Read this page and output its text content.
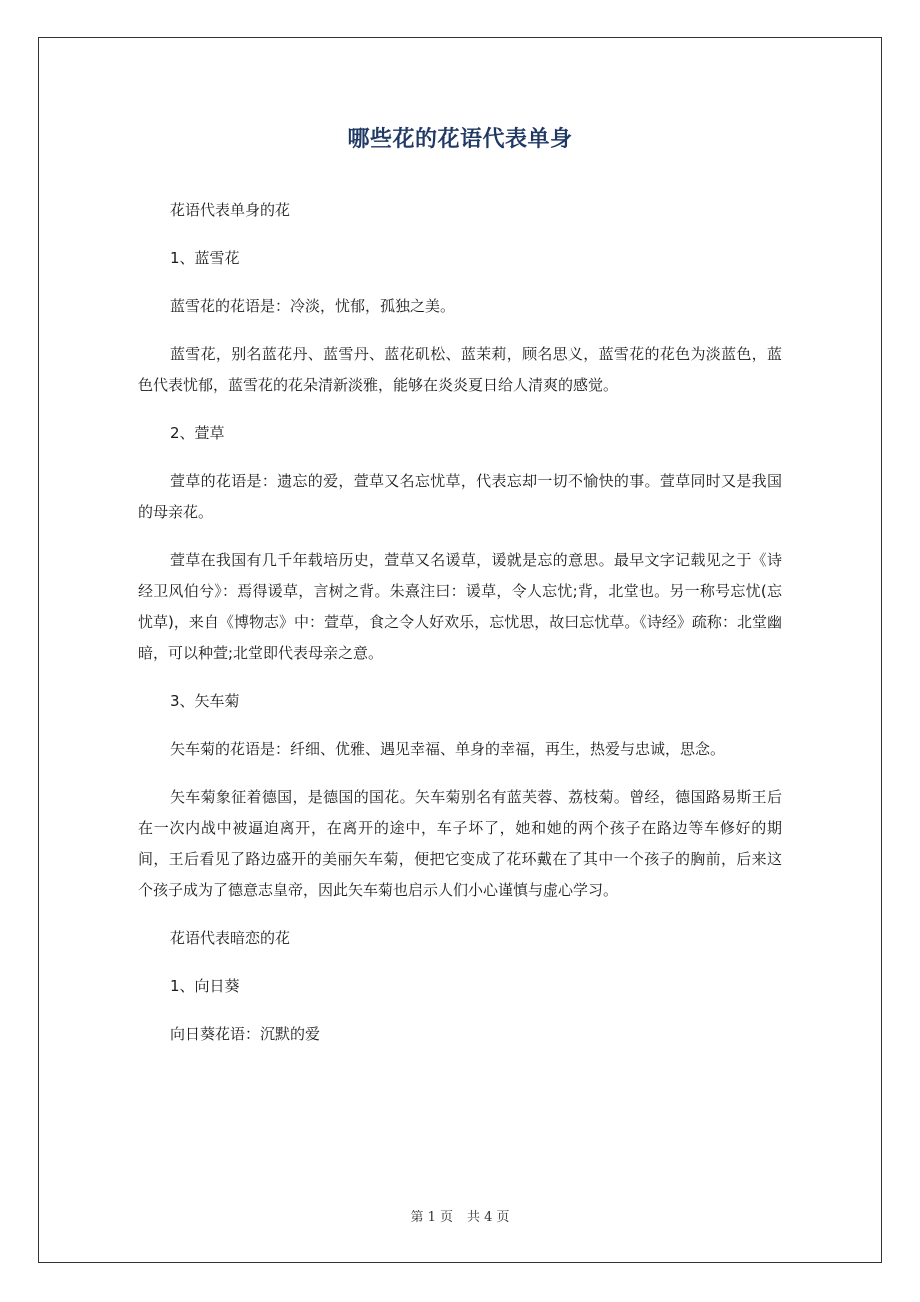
哪些花的花语代表单身

花语代表单身的花

1、蓝雪花

蓝雪花的花语是：冷淡，忧郁，孤独之美。

蓝雪花，别名蓝花丹、蓝雪丹、蓝花矶松、蓝茉莉，顾名思义，蓝雪花的花色为淡蓝色，蓝色代表忧郁，蓝雪花的花朵清新淡雅，能够在炎炎夏日给人清爽的感觉。

2、萱草

萱草的花语是：遗忘的爱，萱草又名忘忧草，代表忘却一切不愉快的事。萱草同时又是我国的母亲花。

萱草在我国有几千年载培历史，萱草又名谖草，谖就是忘的意思。最早文字记载见之于《诗经卫风伯兮》：焉得谖草，言树之背。朱熹注曰：谖草，令人忘忧;背，北堂也。另一称号忘忧(忘忧草)，来自《博物志》中：萱草，食之令人好欢乐，忘忧思，故曰忘忧草。《诗经》疏称：北堂幽暗，可以种萱;北堂即代表母亲之意。

3、矢车菊

矢车菊的花语是：纤细、优雅、遇见幸福、单身的幸福，再生，热爱与忠诚，思念。

矢车菊象征着德国，是德国的国花。矢车菊别名有蓝芙蓉、荔枝菊。曾经，德国路易斯王后在一次内战中被逼迫离开，在离开的途中，车子坏了，她和她的两个孩子在路边等车修好的期间，王后看见了路边盛开的美丽矢车菊，便把它变成了花环戴在了其中一个孩子的胸前，后来这个孩子成为了德意志皇帝，因此矢车菊也启示人们小心谨慎与虚心学习。

花语代表暗恋的花

1、向日葵

向日葵花语：沉默的爱

第 1 页 共 4 页
